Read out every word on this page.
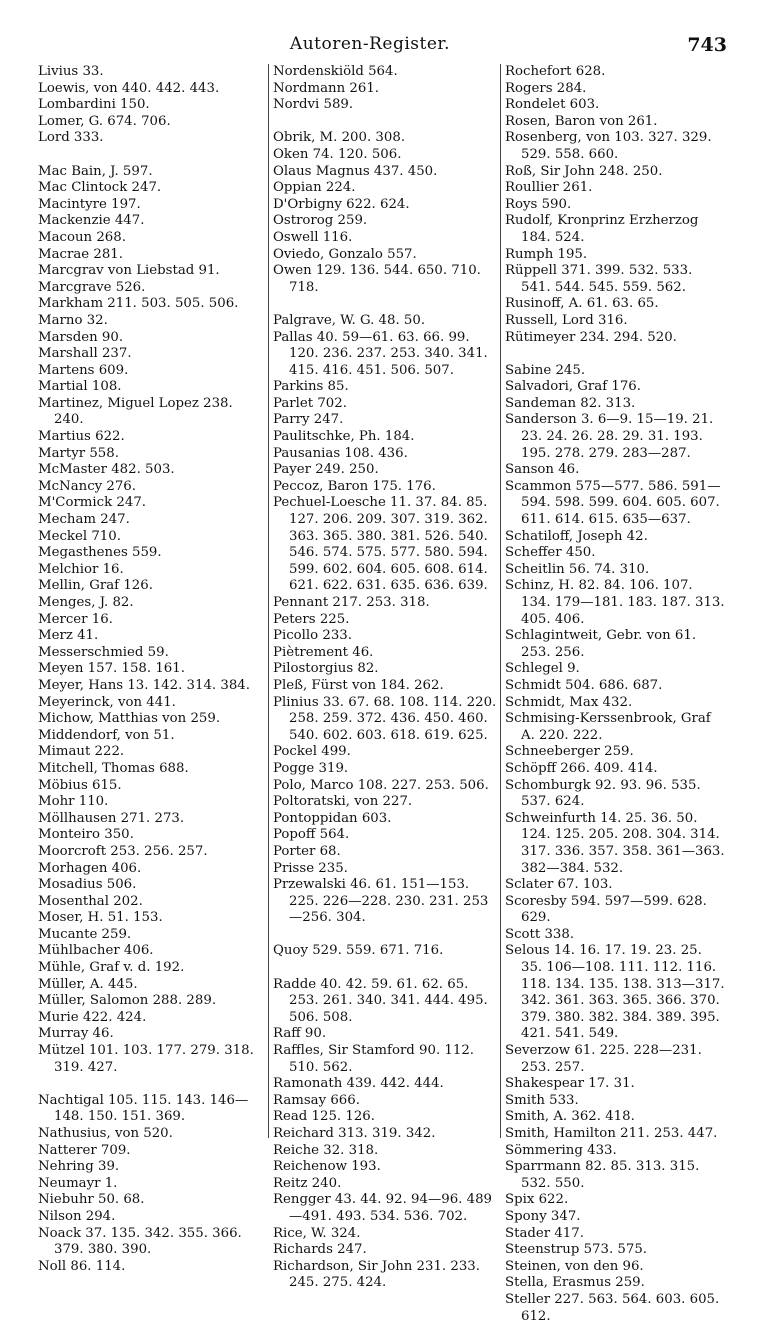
Autoren-Register.	743
Livius 33.
Loewis, von 440. 442. 443.
Lombardini 150.
Lomer, G. 674. 706.
Lord 333.
Mac Bain, J. 597.
Mac Clintock 247.
Macintyre 197.
Mackenzie 447.
Macoun 268.
Macrae 281.
Marcgrav von Liebstad 91.
Marcgrave 526.
Markham 211. 503. 505. 506.
Marno 32.
Marsden 90.
Marshall 237.
Martens 609.
Martial 108.
Martinez, Miguel Lopez 238. 240.
Martius 622.
Martyr 558.
McMaster 482. 503.
McNancy 276.
M'Cormick 247.
Mecham 247.
Meckel 710.
Megasthenes 559.
Melchior 16.
Mellin, Graf 126.
Menges, J. 82.
Mercer 16.
Merz 41.
Messerschmied 59.
Meyen 157. 158. 161.
Meyer, Hans 13. 142. 314. 384.
Meyerinck, von 441.
Michow, Matthias von 259.
Middendorf, von 51.
Mimaut 222.
Mitchell, Thomas 688.
Möbius 615.
Mohr 110.
Möllhausen 271. 273.
Monteiro 350.
Moorcroft 253. 256. 257.
Morhagen 406.
Mosadius 506.
Mosenthal 202.
Moser, H. 51. 153.
Mucante 259.
Mühlbacher 406.
Mühle, Graf v. d. 192.
Müller, A. 445.
Müller, Salomon 288. 289.
Murie 422. 424.
Murray 46.
Mützel 101. 103. 177. 279. 318. 319. 427.
Nachtigal 105. 115. 143. 146—148. 150. 151. 369.
Nathusius, von 520.
Natterer 709.
Nehring 39.
Neumayr 1.
Niebuhr 50. 68.
Nilson 294.
Noack 37. 135. 342. 355. 366. 379. 380. 390.
Noll 86. 114.
Nordenskiöld 564.
Nordmann 261.
Nordvi 589.
Obrik, M. 200. 308.
Oken 74. 120. 506.
Olaus Magnus 437. 450.
Oppian 224.
D'Orbigny 622. 624.
Ostrorog 259.
Oswell 116.
Oviedo, Gonzalo 557.
Owen 129. 136. 544. 650. 710. 718.
Palgrave, W. G. 48. 50.
Pallas 40. 59—61. 63. 66. 99. 120. 236. 237. 253. 340. 341. 415. 416. 451. 506. 507.
Parkins 85.
Parlet 702.
Parry 247.
Paulitschke, Ph. 184.
Pausanias 108. 436.
Payer 249. 250.
Peccoz, Baron 175. 176.
Pechuel-Loesche 11. 37. 84. 85. 127. 206. 209. 307. 319. 362. 363. 365. 380. 381. 526. 540. 546. 574. 575. 577. 580. 594. 599. 602. 604. 605. 608. 614. 621. 622. 631. 635. 636. 639.
Pennant 217. 253. 318.
Peters 225.
Picollo 233.
Piètrement 46.
Pilostorgius 82.
Pleß, Fürst von 184. 262.
Plinius 33. 67. 68. 108. 114. 220. 258. 259. 372. 436. 450. 460. 540. 602. 603. 618. 619. 625.
Pockel 499.
Pogge 319.
Polo, Marco 108. 227. 253. 506.
Poltoratski, von 227.
Pontoppidan 603.
Popoff 564.
Porter 68.
Prisse 235.
Przewalski 46. 61. 151—153. 225. 226—228. 230. 231. 253—256. 304.
Quoy 529. 559. 671. 716.
Radde 40. 42. 59. 61. 62. 65. 253. 261. 340. 341. 444. 495. 506. 508.
Raff 90.
Raffles, Sir Stamford 90. 112. 510. 562.
Ramonath 439. 442. 444.
Ramsay 666.
Read 125. 126.
Reichard 313. 319. 342.
Reiche 32. 318.
Reichenow 193.
Reitz 240.
Rengger 43. 44. 92. 94—96. 489—491. 493. 534. 536. 702.
Rice, W. 324.
Richards 247.
Richardson, Sir John 231. 233. 245. 275. 424.
Rochefort 628.
Rogers 284.
Rondelet 603.
Rosen, Baron von 261.
Rosenberg, von 103. 327. 329. 529. 558. 660.
Roß, Sir John 248. 250.
Roullier 261.
Roys 590.
Rudolf, Kronprinz Erzherzog 184. 524.
Rumph 195.
Rüppell 371. 399. 532. 533. 541. 544. 545. 559. 562.
Rusinoff, A. 61. 63. 65.
Russell, Lord 316.
Rütimeyer 234. 294. 520.
Sabine 245.
Salvadori, Graf 176.
Sandeman 82. 313.
Sanderson 3. 6—9. 15—19. 21. 23. 24. 26. 28. 29. 31. 193. 195. 278. 279. 283—287.
Sanson 46.
Scammon 575—577. 586. 591—594. 598. 599. 604. 605. 607. 611. 614. 615. 635—637.
Schatiloff, Joseph 42.
Scheffer 450.
Scheitlin 56. 74. 310.
Schinz, H. 82. 84. 106. 107. 134. 179—181. 183. 187. 313. 405. 406.
Schlagintweit, Gebr. von 61. 253. 256.
Schlegel 9.
Schmidt 504. 686. 687.
Schmidt, Max 432.
Schmising-Kerssenbrook, Graf A. 220. 222.
Schneeberger 259.
Schöpff 266. 409. 414.
Schomburgk 92. 93. 96. 535. 537. 624.
Schweinfurth 14. 25. 36. 50. 124. 125. 205. 208. 304. 314. 317. 336. 357. 358. 361—363. 382—384. 532.
Sclater 67. 103.
Scoresby 594. 597—599. 628. 629.
Scott 338.
Selous 14. 16. 17. 19. 23. 25. 35. 106—108. 111. 112. 116. 118. 134. 135. 138. 313—317. 342. 361. 363. 365. 366. 370. 379. 380. 382. 384. 389. 395. 421. 541. 549.
Severzow 61. 225. 228—231. 253. 257.
Shakespear 17. 31.
Smith 533.
Smith, A. 362. 418.
Smith, Hamilton 211. 253. 447.
Sömmering 433.
Sparrmann 82. 85. 313. 315. 532. 550.
Spix 622.
Spony 347.
Stader 417.
Steenstrup 573. 575.
Steinen, von den 96.
Stella, Erasmus 259.
Steller 227. 563. 564. 603. 605. 612.
